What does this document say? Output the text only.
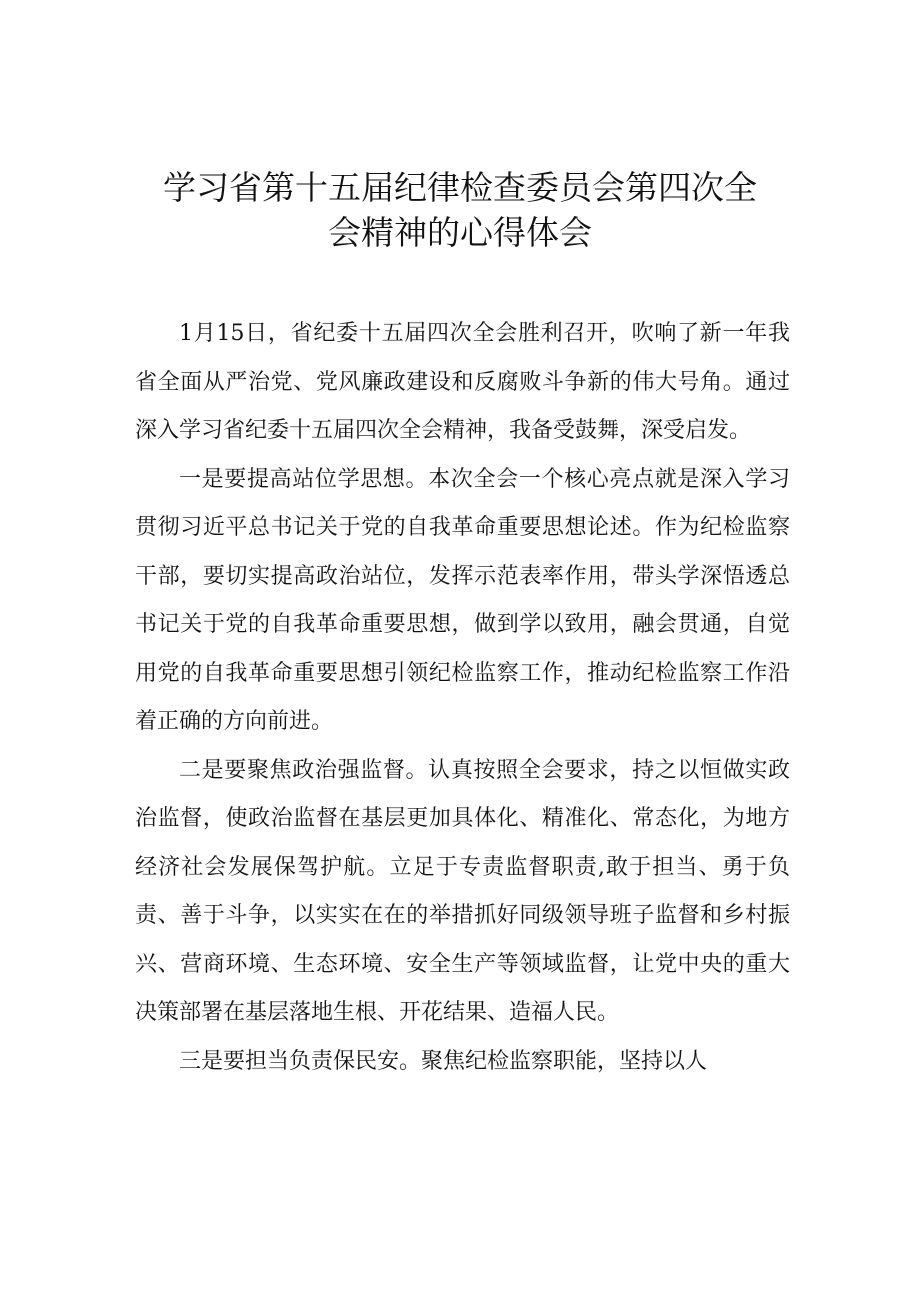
学习省第十五届纪律检查委员会第四次全
会精神的心得体会

1月15日，省纪委十五届四次全会胜利召开，吹响了新一年我省全面从严治党、党风廉政建设和反腐败斗争新的伟大号角。通过深入学习省纪委十五届四次全会精神，我备受鼓舞，深受启发。

一是要提高站位学思想。本次全会一个核心亮点就是深入学习贯彻习近平总书记关于党的自我革命重要思想论述。作为纪检监察干部，要切实提高政治站位，发挥示范表率作用，带头学深悟透总书记关于党的自我革命重要思想，做到学以致用，融会贯通，自觉用党的自我革命重要思想引领纪检监察工作，推动纪检监察工作沿着正确的方向前进。

二是要聚焦政治强监督。认真按照全会要求，持之以恒做实政治监督，使政治监督在基层更加具体化、精准化、常态化，为地方经济社会发展保驾护航。立足于专责监督职责,敢于担当、勇于负责、善于斗争，以实实在在的举措抓好同级领导班子监督和乡村振兴、营商环境、生态环境、安全生产等领域监督，让党中央的重大决策部署在基层落地生根、开花结果、造福人民。

三是要担当负责保民安。聚焦纪检监察职能，坚持以人
